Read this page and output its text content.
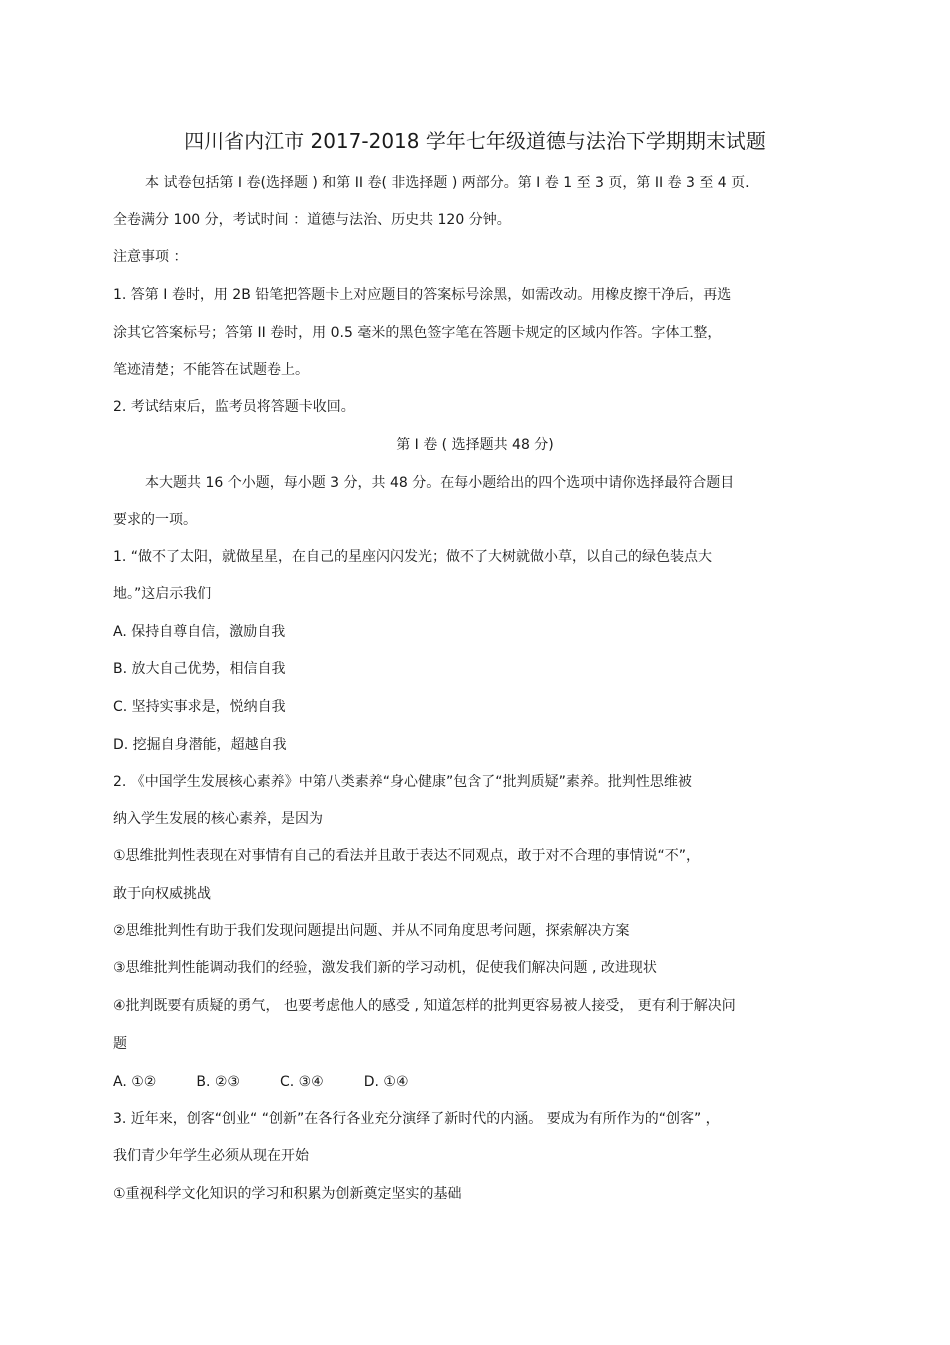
四川省内江市 2017-2018 学年七年级道德与法治下学期期末试题
本 试卷包括第 I 卷(选择题 ) 和第 II 卷( 非选择题 ) 两部分。第 I 卷 1 至 3 页，第 II 卷 3 至 4 页.
全卷满分 100 分，考试时间 ：道德与法治、历史共 120 分钟。
注意事项 ：
1. 答第 I 卷时，用 2B 铅笔把答题卡上对应题目的答案标号涂黑，如需改动。用橡皮擦干净后，再选
涂其它答案标号；答第 II 卷时，用 0.5 毫米的黑色签字笔在答题卡规定的区域内作答。字体工整，
笔迹清楚；不能答在试题卷上。
2. 考试结束后，监考员将答题卡收回。
第 I 卷 ( 选择题共 48 分)
本大题共 16 个小题，每小题 3 分，共 48 分。在每小题给出的四个选项中请你选择最符合题目
要求的一项。
1. “做不了太阳，就做星星，在自己的星座闪闪发光；做不了大树就做小草，以自己的绿色装点大
地。”这启示我们
A. 保持自尊自信，激励自我
B. 放大自己优势，相信自我
C. 坚持实事求是，悦纳自我
D. 挖掘自身潜能，超越自我
2. 《中国学生发展核心素养》中第八类素养“身心健康”包含了“批判质疑”素养。批判性思维被
纳入学生发展的核心素养，是因为
①思维批判性表现在对事情有自己的看法并且敢于表达不同观点，敢于对不合理的事情说“不”，
敢于向权威挑战
②思维批判性有助于我们发现问题提出问题、并从不同角度思考问题，探索解决方案
③思维批判性能调动我们的经验，激发我们新的学习动机，促使我们解决问题 , 改进现状
④批判既要有质疑的勇气， 也要考虑他人的感受 , 知道怎样的批判更容易被人接受， 更有利于解决问
题
A. ①②	B. ②③	C. ③④	D. ①④
3. 近年来，创客“创业“ “创新”在各行各业充分演绎了新时代的内涵。 要成为有所作为的“创客” ，
我们青少年学生必须从现在开始
①重视科学文化知识的学习和积累为创新奠定坚实的基础
